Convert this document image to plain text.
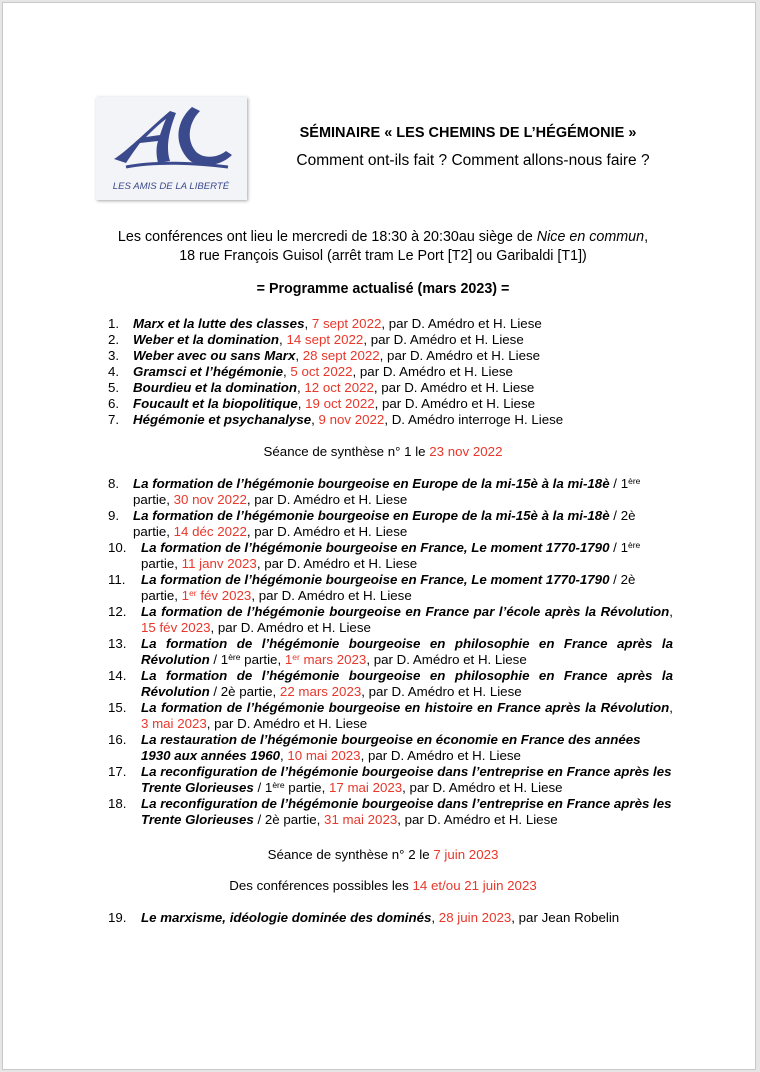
LES AMIS DE LA LIBERTÉ
SÉMINAIRE « LES CHEMINS DE L’HÉGÉMONIE »
Comment ont-ils fait ? Comment allons-nous faire ?
Les conférences ont lieu le mercredi de 18:30 à 20:30au siège de Nice en commun,
18 rue François Guisol (arrêt tram Le Port [T2] ou Garibaldi [T1])
= Programme actualisé (mars 2023) =
1.	Marx et la lutte des classes, 7 sept 2022, par D. Amédro et H. Liese
2.	Weber et la domination, 14 sept 2022, par D. Amédro et H. Liese
3.	Weber avec ou sans Marx, 28 sept 2022, par D. Amédro et H. Liese
4.	Gramsci et l’hégémonie, 5 oct 2022, par D. Amédro et H. Liese
5.	Bourdieu et la domination, 12 oct 2022, par D. Amédro et H. Liese
6.	Foucault et la biopolitique, 19 oct 2022, par D. Amédro et H. Liese
7.	Hégémonie et psychanalyse, 9 nov 2022, D. Amédro interroge H. Liese
Séance de synthèse n° 1 le 23 nov 2022
8.	La formation de l’hégémonie bourgeoise en Europe de la mi-15è à la mi-18è / 1ère partie, 30 nov 2022, par D. Amédro et H. Liese
9.	La formation de l’hégémonie bourgeoise en Europe de la mi-15è à la mi-18è / 2è partie, 14 déc 2022, par D. Amédro et H. Liese
10.	La formation de l’hégémonie bourgeoise en France, Le moment 1770-1790 / 1ère partie, 11 janv 2023, par D. Amédro et H. Liese
11.	La formation de l’hégémonie bourgeoise en France, Le moment 1770-1790 / 2è partie, 1er fév 2023, par D. Amédro et H. Liese
12.	La formation de l’hégémonie bourgeoise en France par l’école après la Révolution, 15 fév 2023, par D. Amédro et H. Liese
13.	La formation de l’hégémonie bourgeoise en philosophie en France après la Révolution / 1ère partie, 1er mars 2023, par D. Amédro et H. Liese
14.	La formation de l’hégémonie bourgeoise en philosophie en France après la Révolution / 2è partie, 22 mars 2023, par D. Amédro et H. Liese
15.	La formation de l’hégémonie bourgeoise en histoire en France après la Révolution, 3 mai 2023, par D. Amédro et H. Liese
16.	La restauration de l’hégémonie bourgeoise en économie en France des années 1930 aux années 1960, 10 mai 2023, par D. Amédro et H. Liese
17.	La reconfiguration de l’hégémonie bourgeoise dans l’entreprise en France après les Trente Glorieuses / 1ère partie, 17 mai 2023, par D. Amédro et H. Liese
18.	La reconfiguration de l’hégémonie bourgeoise dans l’entreprise en France après les Trente Glorieuses / 2è partie, 31 mai 2023, par D. Amédro et H. Liese
Séance de synthèse n° 2 le 7 juin 2023
Des conférences possibles les 14 et/ou 21 juin 2023
19.	Le marxisme, idéologie dominée des dominés, 28 juin 2023, par Jean Robelin
